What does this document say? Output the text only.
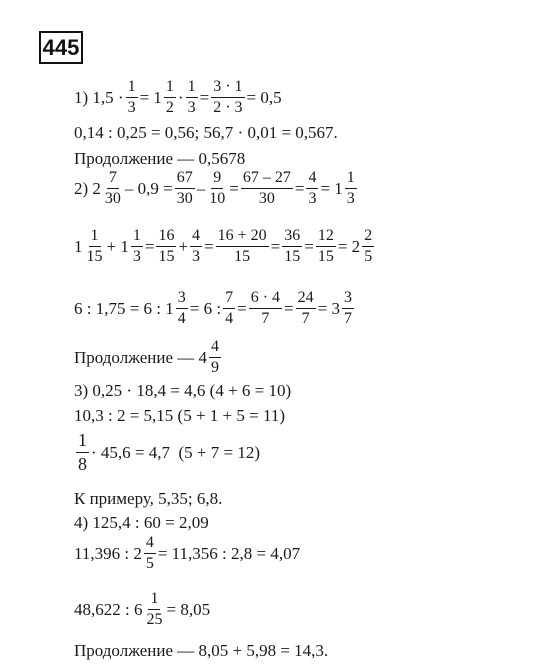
445
1) $1,5 \cdot \frac{1}{3} = 1 \frac{1}{2} \cdot \frac{1}{3} = \frac{3 \cdot 1}{2 \cdot 3} = 0,5$
0,14 : 0,25 = 0,56; 56,7 · 0,01 = 0,567.
Продолжение — 0,5678
2) $2 \frac{7}{30} - 0,9 = \frac{67}{30} - \frac{9}{10} = \frac{67 - 27}{30} = \frac{4}{3} = 1 \frac{1}{3}$
$1 \frac{1}{15} + 1 \frac{1}{3} = \frac{16}{15} + \frac{4}{3} = \frac{16 + 20}{15} = \frac{36}{15} = \frac{12}{15} = 2 \frac{2}{5}$
6 : 1,75 = 6 : $1 \frac{3}{4} = 6$ : $\frac{7}{4} = \frac{6 \cdot 4}{7} = \frac{24}{7} = 3 \frac{3}{7}$
Продолжение — $4 \frac{4}{9}$
3) 0,25 · 18,4 = 4,6 (4 + 6 = 10)
10,3 : 2 = 5,15 (5 + 1 + 5 = 11)
$\frac{1}{8} \cdot 45,6 = 4,7$  (5 + 7 = 12)
К примеру, 5,35; 6,8.
4) 125,4 : 60 = 2,09
11,396 : $2 \frac{4}{5} = 11,356$ : 2,8 = 4,07
48,622 : $6 \frac{1}{25} = 8,05$
Продолжение — 8,05 + 5,98 = 14,3.
